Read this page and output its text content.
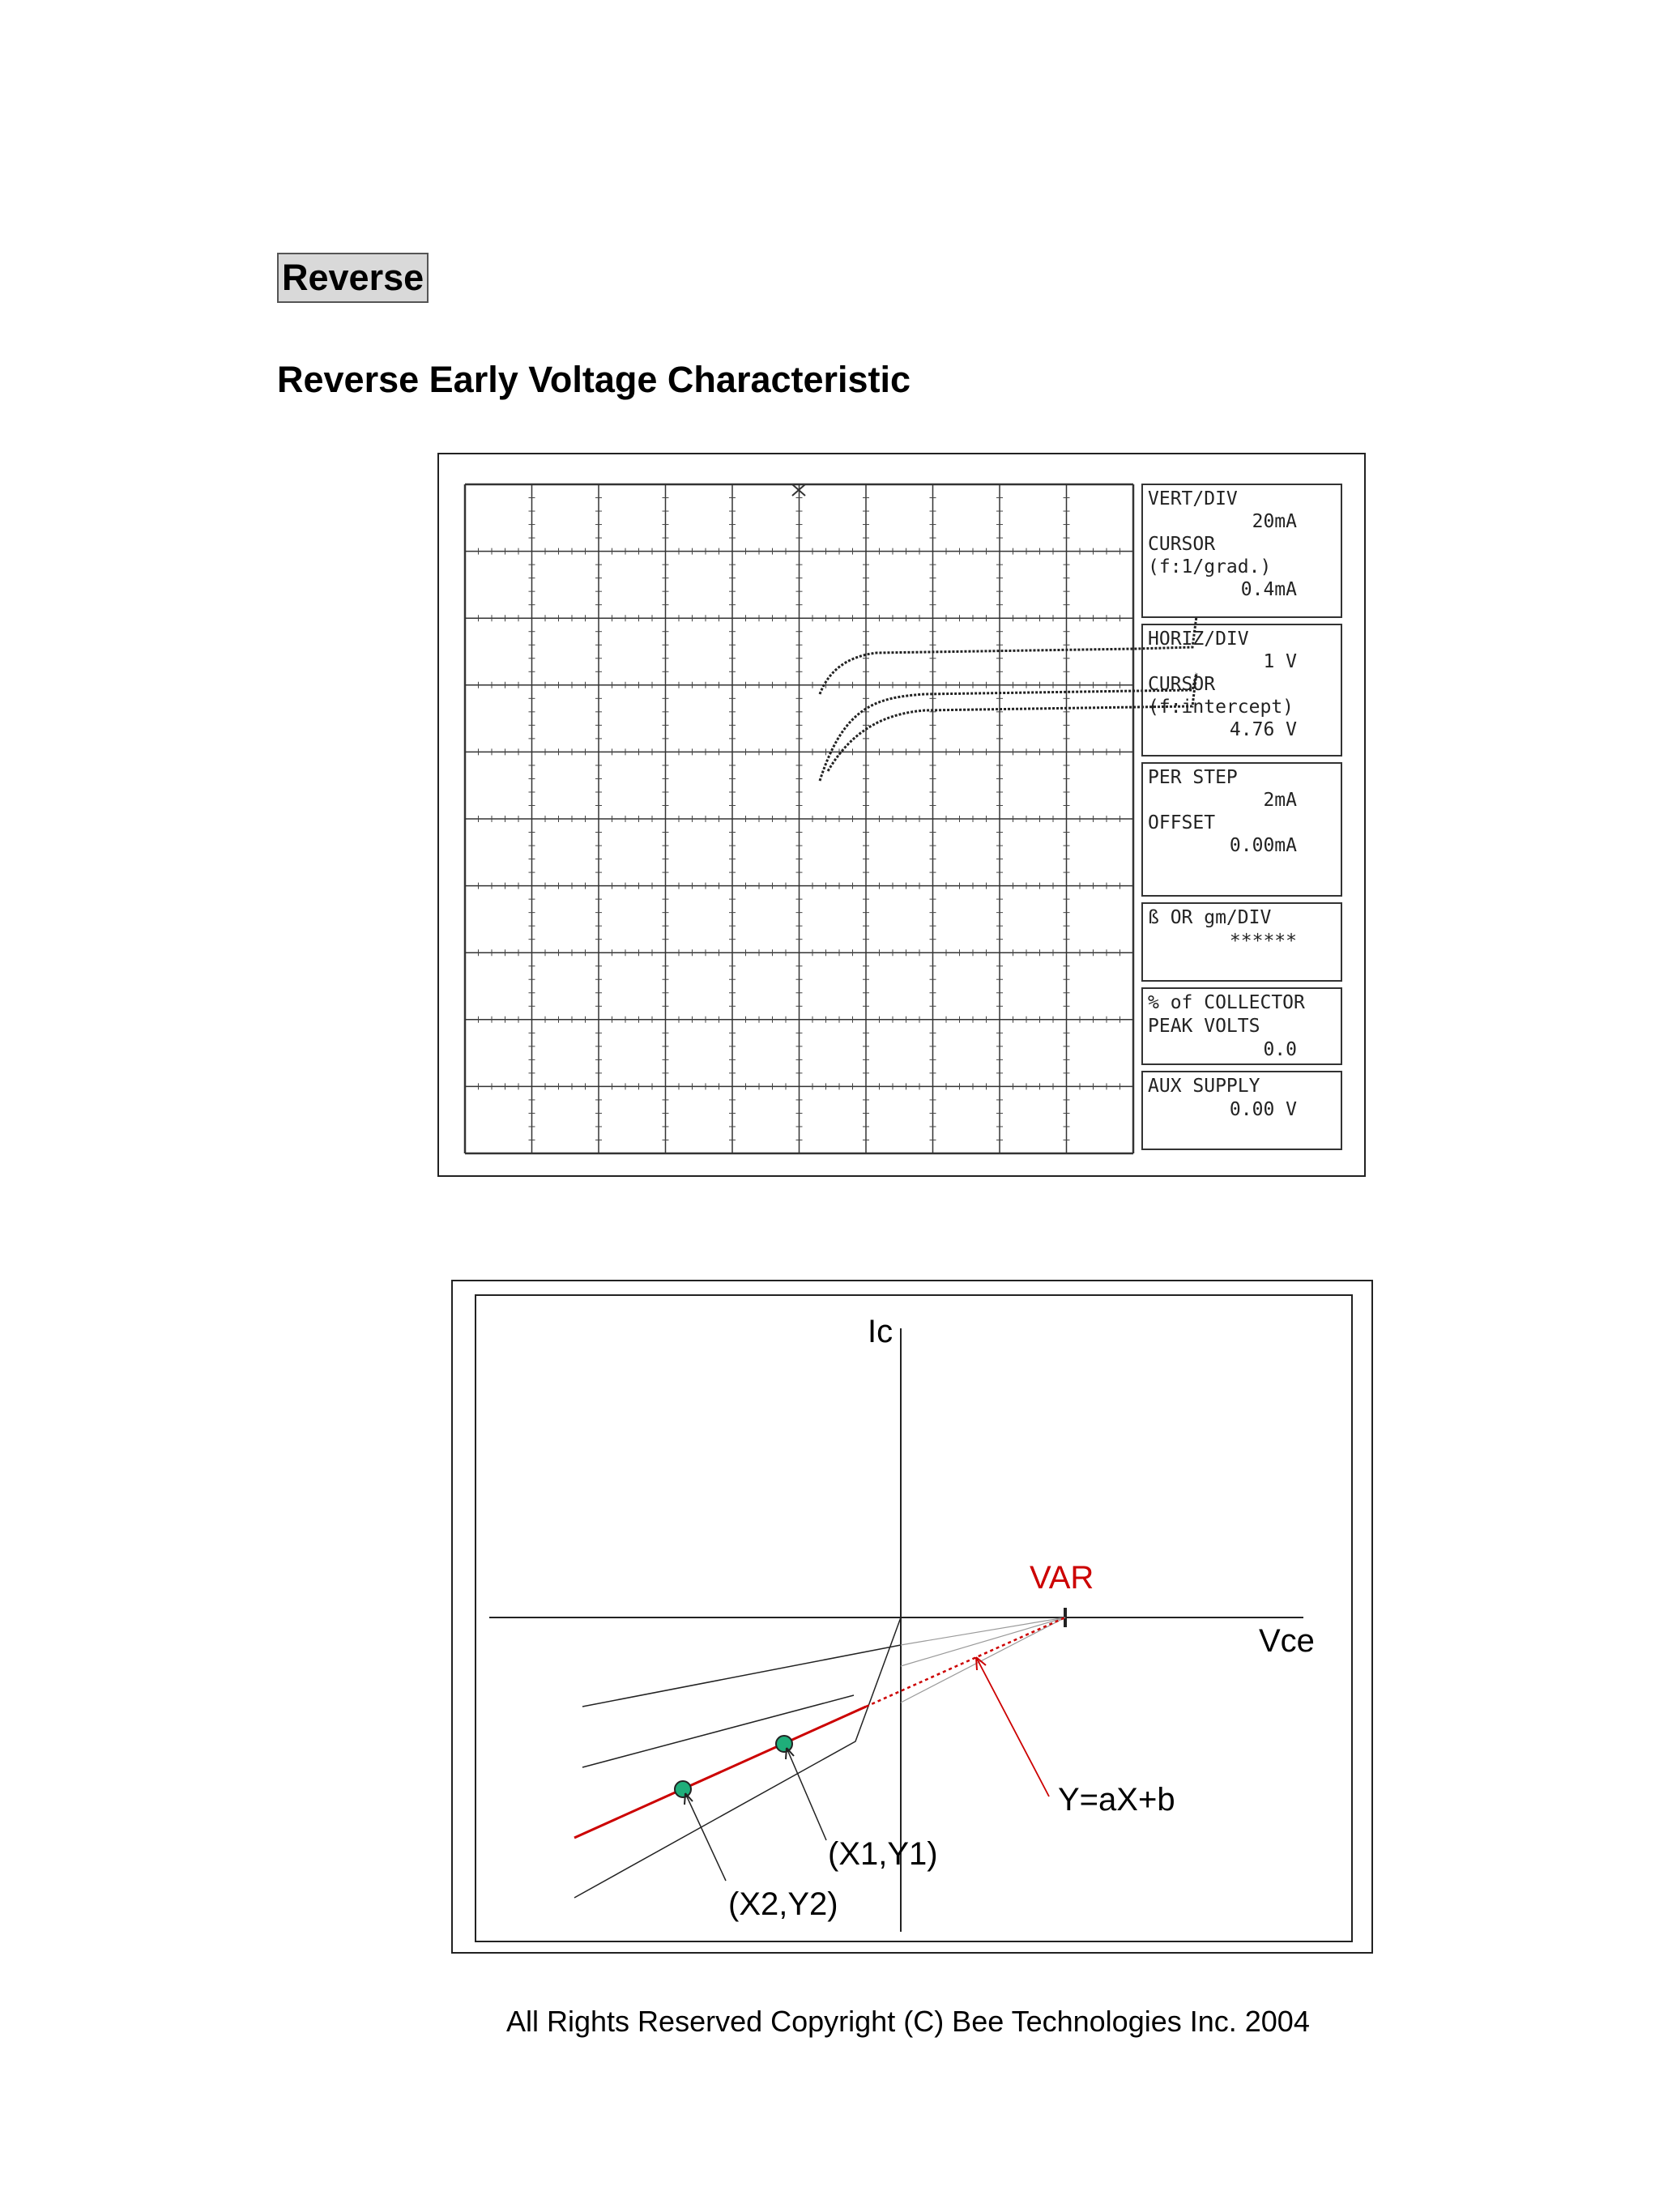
Reverse
Reverse Early Voltage Characteristic
VERT/DIV
20mA
CURSOR
(f:1/grad.)
0.4mA
HORIZ/DIV
1 V
CURSOR
(f:intercept)
4.76 V
PER STEP
2mA
OFFSET
0.00mA
ß OR gm/DIV
******
% of COLLECTOR
PEAK VOLTS
0.0
AUX SUPPLY
0.00 V
Ic
Vce
VAR
Y=aX+b
(X1,Y1)
(X2,Y2)
All Rights Reserved Copyright (C) Bee Technologies Inc. 2004
